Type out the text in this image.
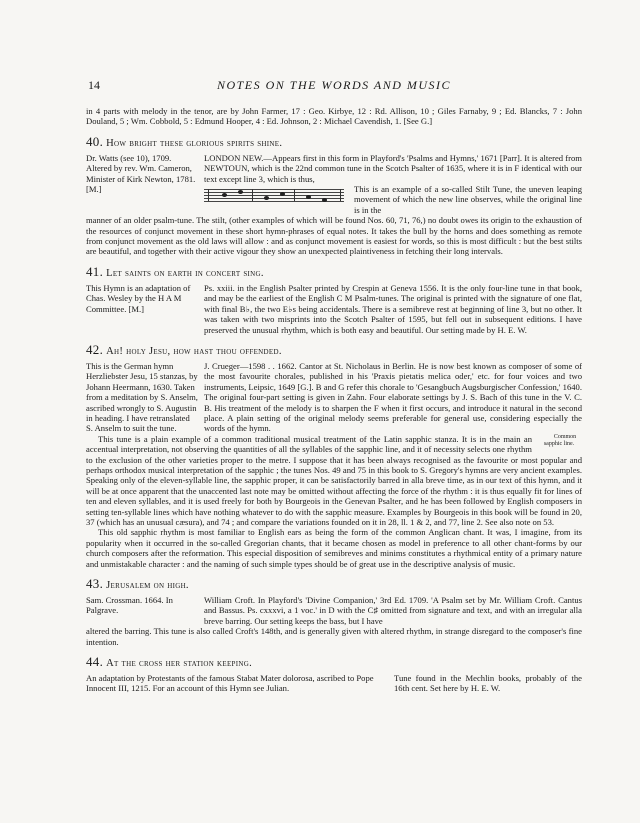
14	NOTES ON THE WORDS AND MUSIC

in 4 parts with melody in the tenor, are by John Farmer, 17 : Geo. Kirbye, 12 : Rd. Allison, 10 ; Giles Farnaby, 9 ; Ed. Blancks, 7 : John Douland, 5 ; Wm. Cobbold, 5 : Edmund Hooper, 4 : Ed. Johnson, 2 : Michael Cavendish, 1. [See G.]

40. How bright these glorious spirits shine.
Dr. Watts (see 10), 1709. Altered by rev. Wm. Cameron, Minister of Kirk Newton, 1781. [M.]

LONDON NEW.—Appears first in this form in Playford's 'Psalms and Hymns,' 1671 [Parr]. It is altered from NEWTOUN, which is the 22nd common tune in the Scotch Psalter of 1635, where it is in F identical with our text except line 3, which is thus,

This is an example of a so-called Stilt Tune, the uneven leaping movement of which the new line observes, while the original line is in the

manner of an older psalm-tune. The stilt, (other examples of which will be found Nos. 60, 71, 76,) no doubt owes its origin to the exhaustion of the resources of conjunct movement in these short hymn-phrases of equal notes. It takes the bull by the horns and does something as remote from conjunct movement as the old laws will allow : and as conjunct movement is easiest for words, so this is most difficult : but the best stilts are beautiful, and together with their active vigour they show an unexpected plaintiveness in fetching their long intervals.

41. Let saints on earth in concert sing.
This Hymn is an adaptation of Chas. Wesley by the H A M Committee. [M.]

Ps. xxiii. in the English Psalter printed by Crespin at Geneva 1556. It is the only four-line tune in that book, and may be the earliest of the English C M Psalm-tunes. The original is printed with the signature of one flat, with final B♭, the two E♭s being accidentals. There is a semibreve rest at beginning of line 3, but no other. It was taken with two misprints into the Scotch Psalter of 1595, but fell out in subsequent editions. I have preserved the unusual rhythm, which is both easy and beautiful. Our setting made by H. E. W.

42. Ah! holy Jesu, how hast thou offended.
This is the German hymn Herzliebster Jesu, 15 stanzas, by Johann Heermann, 1630. Taken from a meditation by S. Anselm, ascribed wrongly to S. Augustin in heading. I have retranslated S. Anselm to suit the tune.

J. Crueger—1598 . . 1662. Cantor at St. Nicholaus in Berlin. He is now best known as composer of some of the most favourite chorales, published in his 'Praxis pietatis melica oder,' etc. for four voices and two instruments, Leipsic, 1649 [G.]. B and G refer this chorale to 'Gesangbuch Augsburgischer Confession,' 1640. The original four-part setting is given in Zahn. Four elaborate settings by J. S. Bach of this tune in the V. C. B. His treatment of the melody is to sharpen the F when it first occurs, and introduce it natural in the second place. A plain setting of the original melody seems preferable for general use, considering especially the words of the hymn.

Common sapphic line.
This tune is a plain example of a common traditional musical treatment of the Latin sapphic stanza. It is in the main an accentual interpretation, not observing the quantities of all the syllables of the sapphic line, and it of necessity selects one rhythm to the exclusion of the other varieties proper to the metre. I suppose that it has been always recognised as the favourite or most popular and perhaps orthodox musical interpretation of the sapphic ; the tunes Nos. 49 and 75 in this book to S. Gregory's hymns are very ancient examples. Speaking only of the eleven-syllable line, the sapphic proper, it can be satisfactorily barred in alla breve time, as in our text of this hymn, and it will be at once apparent that the unaccented last note may be omitted without affecting the force of the rhythm : it is thus equally fit for lines of ten and eleven syllables, and it is used freely for both by Bourgeois in the Genevan Psalter, and he has been followed by English composers in setting ten-syllable lines which have nothing whatever to do with the sapphic measure. Examples by Bourgeois in this book will be found in 20, 37 (which has an unusual cæsura), and 74 ; and compare the variations founded on it in 28, ll. 1 & 2, and 77, line 2. See also note on 53.

This old sapphic rhythm is most familiar to English ears as being the form of the common Anglican chant. It was, I imagine, from its popularity when it occurred in the so-called Gregorian chants, that it became chosen as model in preference to all other chant-forms by our church composers after the reformation. This especial disposition of semibreves and minims constitutes a rhythmical entity of a primary nature and unmistakable character : and the naming of such simple types should be of great use in the descriptive analysis of music.

43. Jerusalem on high.
Sam. Crossman. 1664. In Palgrave.

William Croft. In Playford's 'Divine Companion,' 3rd Ed. 1709. 'A Psalm set by Mr. William Croft. Cantus and Bassus. Ps. cxxxvi, a 1 voc.' in D with the C♯ omitted from signature and text, and with an irregular alla breve barring. Our setting keeps the bass, but I have

altered the barring. This tune is also called Croft's 148th, and is generally given with altered rhythm, in strange disregard to the composer's fine intention.

44. At the cross her station keeping.
An adaptation by Protestants of the famous Stabat Mater dolorosa, ascribed to Pope Innocent III, 1215. For an account of this Hymn see Julian.

Tune found in the Mechlin books, probably of the 16th cent. Set here by H. E. W.
